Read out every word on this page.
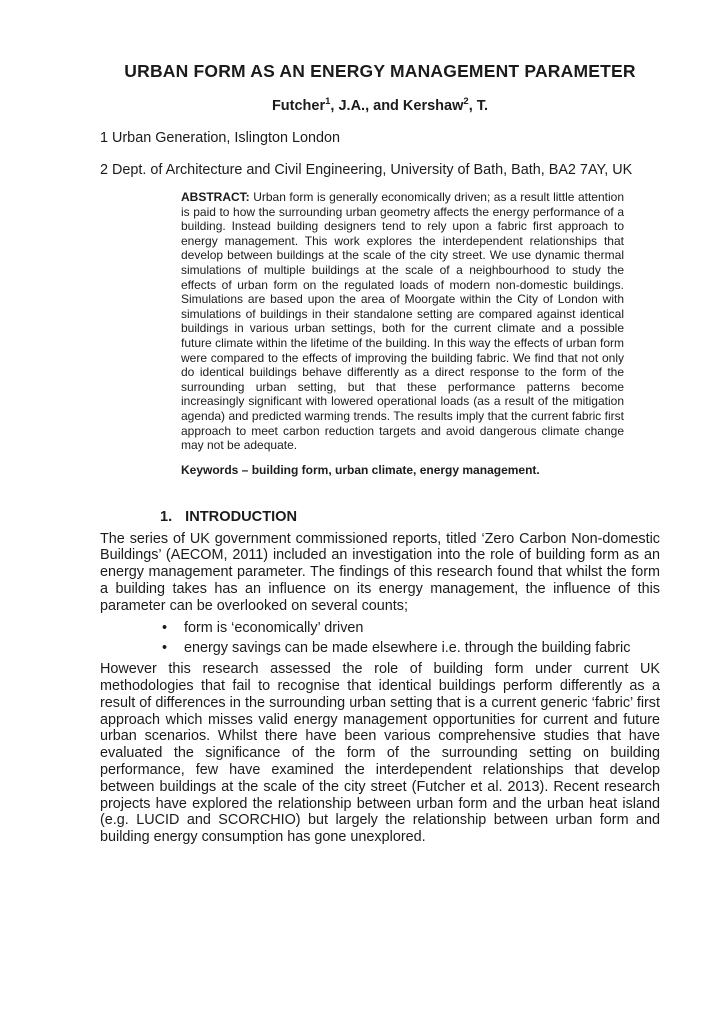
URBAN FORM AS AN ENERGY MANAGEMENT PARAMETER
Futcher$^1$, J.A., and Kershaw$^2$, T.

1 Urban Generation, Islington London

2 Dept. of Architecture and Civil Engineering, University of Bath, Bath, BA2 7AY, UK

ABSTRACT: Urban form is generally economically driven; as a result little attention is paid to how the surrounding urban geometry affects the energy performance of a building. Instead building designers tend to rely upon a fabric first approach to energy management. This work explores the interdependent relationships that develop between buildings at the scale of the city street. We use dynamic thermal simulations of multiple buildings at the scale of a neighbourhood to study the effects of urban form on the regulated loads of modern non-domestic buildings. Simulations are based upon the area of Moorgate within the City of London with simulations of buildings in their standalone setting are compared against identical buildings in various urban settings, both for the current climate and a possible future climate within the lifetime of the building. In this way the effects of urban form were compared to the effects of improving the building fabric. We find that not only do identical buildings behave differently as a direct response to the form of the surrounding urban setting, but that these performance patterns become increasingly significant with lowered operational loads (as a result of the mitigation agenda) and predicted warming trends. The results imply that the current fabric first approach to meet carbon reduction targets and avoid dangerous climate change may not be adequate.

Keywords – building form, urban climate, energy management.

1. INTRODUCTION

The series of UK government commissioned reports, titled ‘Zero Carbon Non-domestic Buildings’ (AECOM, 2011) included an investigation into the role of building form as an energy management parameter. The findings of this research found that whilst the form a building takes has an influence on its energy management, the influence of this parameter can be overlooked on several counts;

• form is ‘economically’ driven
• energy savings can be made elsewhere i.e. through the building fabric

However this research assessed the role of building form under current UK methodologies that fail to recognise that identical buildings perform differently as a result of differences in the surrounding urban setting that is a current generic ‘fabric’ first approach which misses valid energy management opportunities for current and future urban scenarios. Whilst there have been various comprehensive studies that have evaluated the significance of the form of the surrounding setting on building performance, few have examined the interdependent relationships that develop between buildings at the scale of the city street (Futcher et al. 2013). Recent research projects have explored the relationship between urban form and the urban heat island (e.g. LUCID and SCORCHIO) but largely the relationship between urban form and building energy consumption has gone unexplored.
